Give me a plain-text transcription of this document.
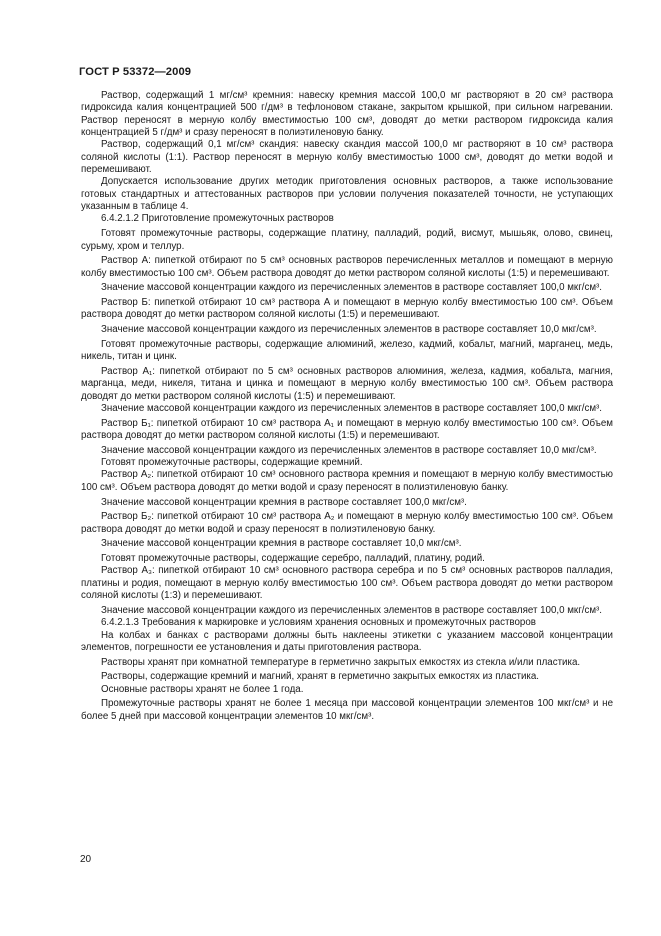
ГОСТ Р 53372—2009

Раствор, содержащий 1 мг/см³ кремния: навеску кремния массой 100,0 мг растворяют в 20 см³ раствора гидроксида калия концентрацией 500 г/дм³ в тефлоновом стакане, закрытом крышкой, при сильном нагревании. Раствор переносят в мерную колбу вместимостью 100 см³, доводят до метки раствором гидроксида калия концентрацией 5 г/дм³ и сразу переносят в полиэтиленовую банку.

Раствор, содержащий 0,1 мг/см³ скандия: навеску скандия массой 100,0 мг растворяют в 10 см³ раствора соляной кислоты (1:1). Раствор переносят в мерную колбу вместимостью 1000 см³, доводят до метки водой и перемешивают.

Допускается использование других методик приготовления основных растворов, а также использование готовых стандартных и аттестованных растворов при условии получения показателей точности, не уступающих указанным в таблице 4.

6.4.2.1.2 Приготовление промежуточных растворов

Готовят промежуточные растворы, содержащие платину, палладий, родий, висмут, мышьяк, олово, свинец, сурьму, хром и теллур.

Раствор А: пипеткой отбирают по 5 см³ основных растворов перечисленных металлов и помещают в мерную колбу вместимостью 100 см³. Объем раствора доводят до метки раствором соляной кислоты (1:5) и перемешивают.

Значение массовой концентрации каждого из перечисленных элементов в растворе составляет 100,0 мкг/см³.

Раствор Б: пипеткой отбирают 10 см³ раствора А и помещают в мерную колбу вместимостью 100 см³. Объем раствора доводят до метки раствором соляной кислоты (1:5) и перемешивают.

Значение массовой концентрации каждого из перечисленных элементов в растворе составляет 10,0 мкг/см³.

Готовят промежуточные растворы, содержащие алюминий, железо, кадмий, кобальт, магний, марганец, медь, никель, титан и цинк.

Раствор А₁: пипеткой отбирают по 5 см³ основных растворов алюминия, железа, кадмия, кобальта, магния, марганца, меди, никеля, титана и цинка и помещают в мерную колбу вместимостью 100 см³. Объем раствора доводят до метки раствором соляной кислоты (1:5) и перемешивают.

Значение массовой концентрации каждого из перечисленных элементов в растворе составляет 100,0 мкг/см³.

Раствор Б₁: пипеткой отбирают 10 см³ раствора А₁ и помещают в мерную колбу вместимостью 100 см³. Объем раствора доводят до метки раствором соляной кислоты (1:5) и перемешивают.

Значение массовой концентрации каждого из перечисленных элементов в растворе составляет 10,0 мкг/см³.

Готовят промежуточные растворы, содержащие кремний.

Раствор А₂: пипеткой отбирают 10 см³ основного раствора кремния и помещают в мерную колбу вместимостью 100 см³. Объем раствора доводят до метки водой и сразу переносят в полиэтиленовую банку.

Значение массовой концентрации кремния в растворе составляет 100,0 мкг/см³.

Раствор Б₂: пипеткой отбирают 10 см³ раствора А₂ и помещают в мерную колбу вместимостью 100 см³. Объем раствора доводят до метки водой и сразу переносят в полиэтиленовую банку.

Значение массовой концентрации кремния в растворе составляет 10,0 мкг/см³.

Готовят промежуточные растворы, содержащие серебро, палладий, платину, родий.

Раствор А₃: пипеткой отбирают 10 см³ основного раствора серебра и по 5 см³ основных растворов палладия, платины и родия, помещают в мерную колбу вместимостью 100 см³. Объем раствора доводят до метки раствором соляной кислоты (1:3) и перемешивают.

Значение массовой концентрации каждого из перечисленных элементов в растворе составляет 100,0 мкг/см³.

6.4.2.1.3 Требования к маркировке и условиям хранения основных и промежуточных растворов

На колбах и банках с растворами должны быть наклеены этикетки с указанием массовой концентрации элементов, погрешности ее установления и даты приготовления раствора.

Растворы хранят при комнатной температуре в герметично закрытых емкостях из стекла и/или пластика.

Растворы, содержащие кремний и магний, хранят в герметично закрытых емкостях из пластика.

Основные растворы хранят не более 1 года.

Промежуточные растворы хранят не более 1 месяца при массовой концентрации элементов 100 мкг/см³ и не более 5 дней при массовой концентрации элементов 10 мкг/см³.

20
